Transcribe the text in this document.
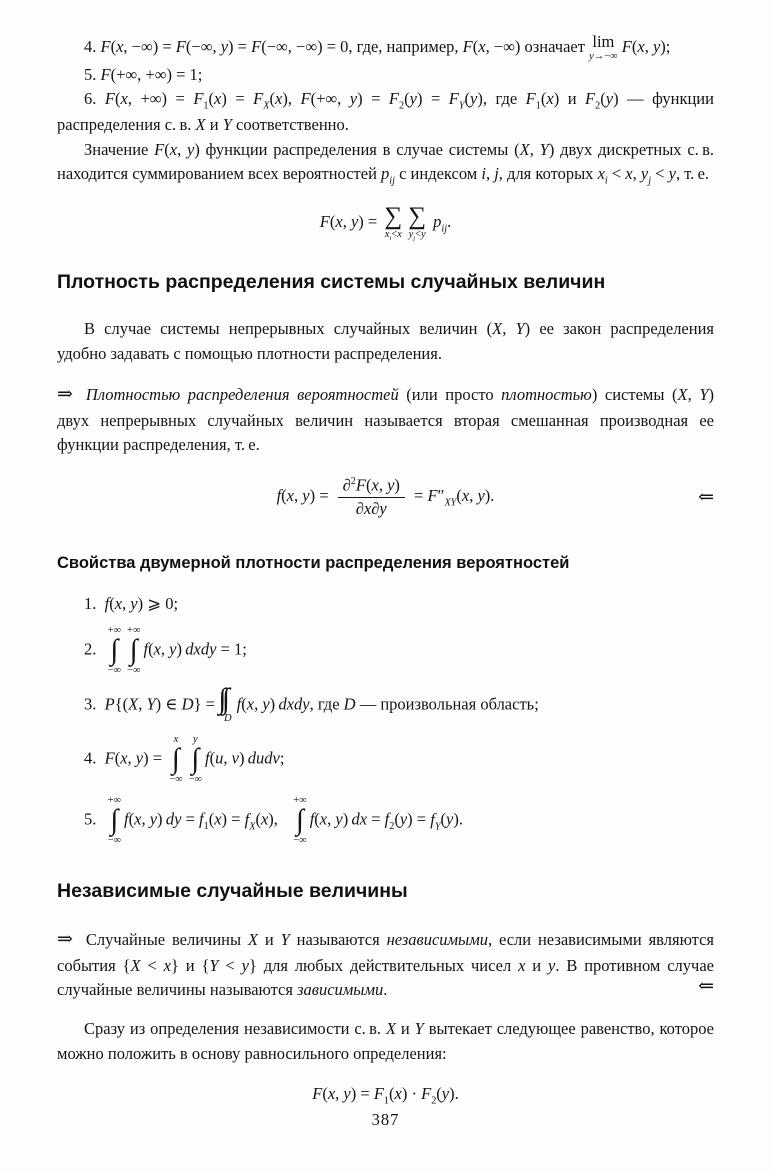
4. F(x, −∞) = F(−∞, y) = F(−∞, −∞) = 0, где, например, F(x, −∞) означает lim
y→−∞ F(x, y);

5. F(+∞, +∞) = 1;

6. F(x, +∞) = $F_1(x) = F_X(x)$, F(+∞, $y) = F_2(y) = F_Y(y)$, где $F_1(x)$ и $F_2(y)$ — функции распределения с. в. X и Y соответственно.

Значение F(x, y) функции распределения в случае системы (X, Y) двух дискретных с. в. находится суммированием всех вероятностей $p_{ij}$ с индексом i, j, для которых $x_i < x$, $y_j < y$, т. е.

F(x, y) = ∑
$x_i<x$
∑
$y_j<y$
$p_{ij}$.
Плотность распределения системы случайных величин

В случае системы непрерывных случайных величин (X, Y) ее закон распределения удобно задавать с помощью плотности распределения.

⇒ Плотностью распределения вероятностей (или просто плотностью) системы (X, Y) двух непрерывных случайных величин называется вторая смешанная производная ее функции распределения, т. е.

f(x, $y) = \frac{\partial^2F(x, y)}{\partial x\partial y} = F''_{XY}(x$, y).	⇐
Свойства двумерной плотности распределения вероятностей

1.  f(x, y) ⩾ 0;

2.
+∞
∫
−∞
+∞
∫
−∞
f(x, y) dxdy = 1;

3.  P{(X, Y) ∈ D} =
D
f(x, y) dxdy, где D — произвольная область;

4.  F(x, y) =
x
∫
−∞
y
∫
−∞
f(u, v) dudv;

5.
+∞
∫
−∞
f(x, y) dy = $f_1(x) = f_X(x)$,
+∞
∫
−∞
f(x, y) dx = $f_2(y) = f_Y(y)$.

Независимые случайные величины

⇒ Случайные величины X и Y называются независимыми, если независимыми являются события {X < x} и {Y < y} для любых действительных чисел x и y. В противном случае случайные величины называются зависимыми.	⇐

Сразу из определения независимости с. в. X и Y вытекает следующее равенство, которое можно положить в основу равносильного определения:

F(x, $y) = F_1(x) \cdot F_2(y)$.
387
